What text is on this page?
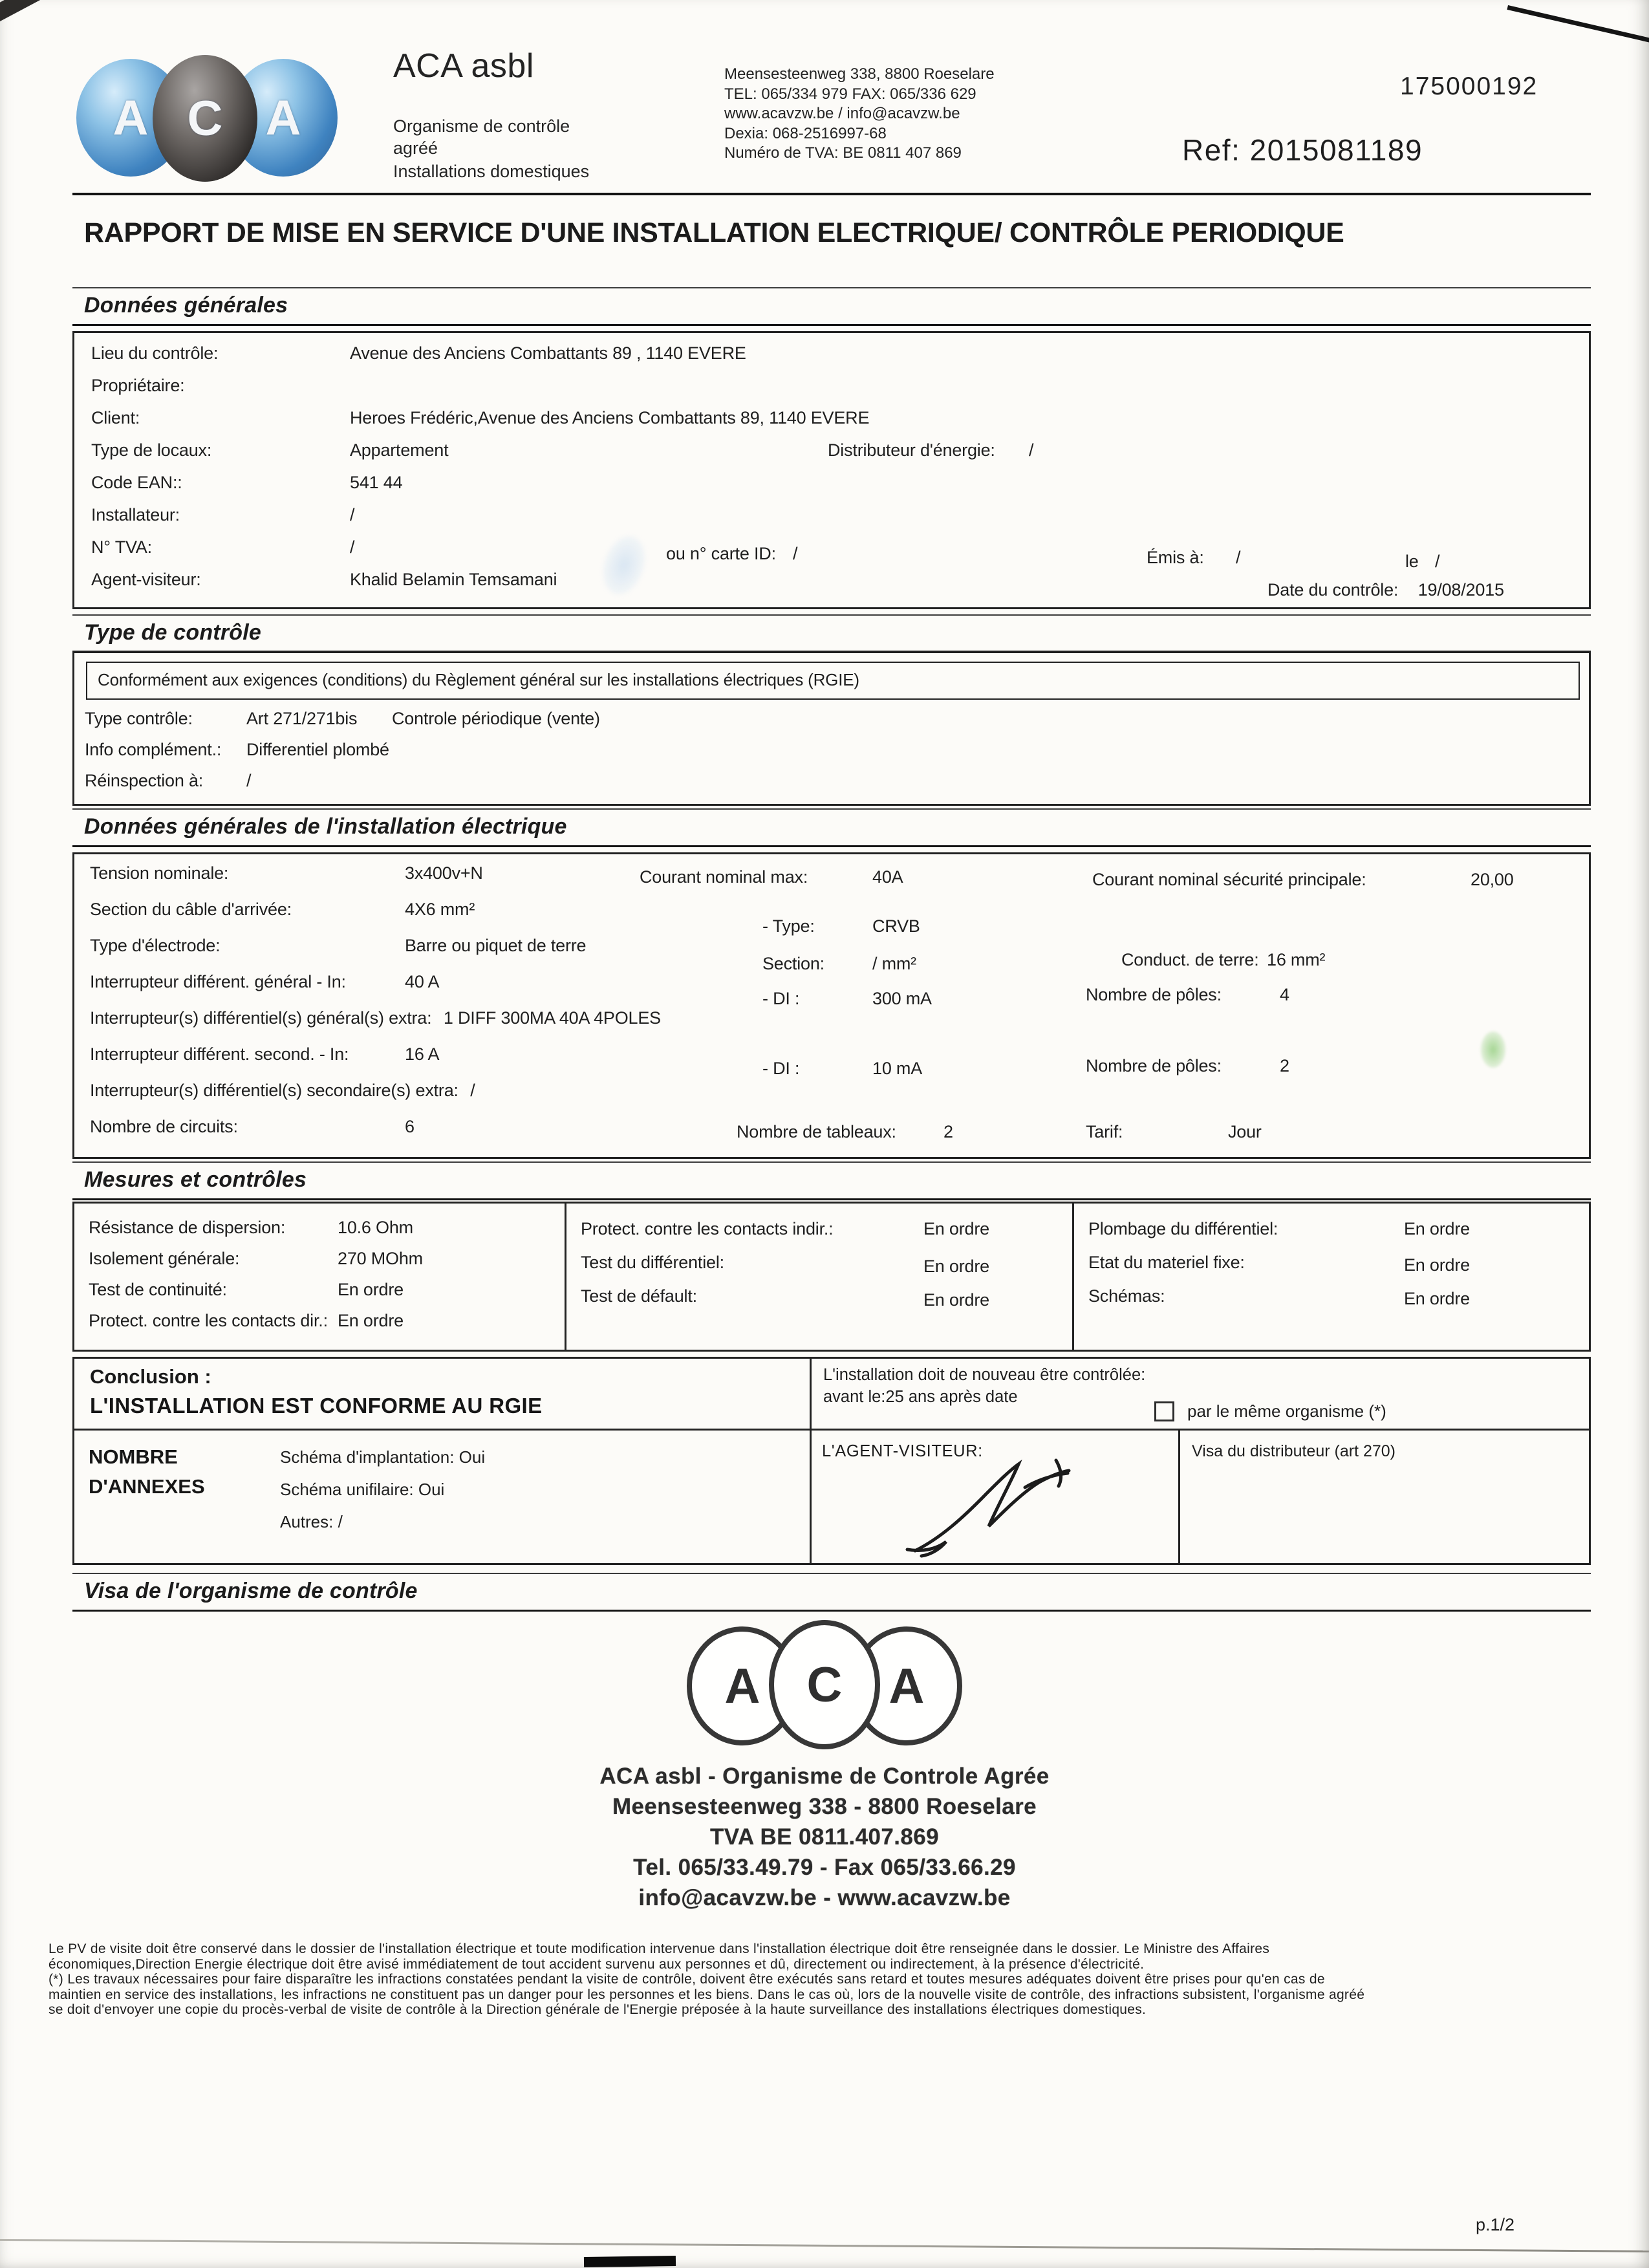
A A
C
ACA asbl
Organisme de contrôle agréé
Installations domestiques
Meensesteenweg 338, 8800 Roeselare
TEL: 065/334 979 FAX: 065/336 629
www.acavzw.be / info@acavzw.be
Dexia: 068-2516997-68
Numéro de TVA: BE 0811 407 869
175000192
Ref: 2015081189
RAPPORT DE MISE EN SERVICE D'UNE INSTALLATION ELECTRIQUE/ CONTRÔLE PERIODIQUE
Données générales
Lieu du contrôle:	Avenue des Anciens Combattants 89 , 1140 EVERE
Propriétaire:
Client:	Heroes Frédéric,Avenue des Anciens Combattants 89, 1140 EVERE
Type de locaux:	Appartement	Distributeur d'énergie: /
Code EAN::	541 44
Installateur:	/
N° TVA:	/	ou n° carte ID: /	Émis à: /	le /
Agent-visiteur:	Khalid Belamin Temsamani
Date du contrôle: 19/08/2015
Type de contrôle
Conformément aux exigences (conditions) du Règlement général sur les installations électriques (RGIE)
Type contrôle:	Art 271/271bis Controle périodique (vente)
Info complément.: Differentiel plombé
Réinspection à: /
Données générales de l'installation électrique
Tension nominale:	3x400v+N	Courant nominal max:	40A	Courant nominal sécurité principale:	20,00
Section du câble d'arrivée:	4X6 mm²
- Type:	CRVB
Type d'électrode:	Barre ou piquet de terre
Section:	/ mm²	Conduct. de terre: 16 mm²
Interrupteur différent. général - In:	40 A
- DI :	300 mA	Nombre de pôles:	4
Interrupteur(s) différentiel(s) général(s) extra: 1 DIFF 300MA 40A 4POLES
Interrupteur différent. second. - In:	16 A
- DI :	10 mA	Nombre de pôles:	2
Interrupteur(s) différentiel(s) secondaire(s) extra: /
Nombre de circuits:	6	Nombre de tableaux:	2	Tarif:	Jour
Mesures et contrôles
Résistance de dispersion:	10.6 Ohm
Isolement générale:	270 MOhm
Test de continuité:	En ordre
Protect. contre les contacts dir.: En ordre
Protect. contre les contacts indir.:	En ordre
Test du différentiel:	En ordre
Test de défault:	En ordre
Plombage du différentiel:	En ordre
Etat du materiel fixe:	En ordre
Schémas:	En ordre
Conclusion :
L'INSTALLATION EST CONFORME AU RGIE
L'installation doit de nouveau être contrôlée:
avant le:25 ans après date
par le même organisme (*)
NOMBRE
D'ANNEXES
Schéma d'implantation: Oui
Schéma unifilaire: Oui
Autres: /
L'AGENT-VISITEUR:	Visa du distributeur (art 270)
Visa de l'organisme de contrôle
A	A
C
ACA asbl - Organisme de Controle Agrée
Meensesteenweg 338 - 8800 Roeselare
TVA BE 0811.407.869
Tel. 065/33.49.79 - Fax 065/33.66.29
info@acavzw.be - www.acavzw.be
Le PV de visite doit être conservé dans le dossier de l'installation électrique et toute modification intervenue dans l'installation électrique doit être renseignée dans le dossier. Le Ministre des Affaires
économiques,Direction Energie électrique doit être avisé immédiatement de tout accident survenu aux personnes et dû, directement ou indirectement, à la présence d'électricité.
(*) Les travaux nécessaires pour faire disparaître les infractions constatées pendant la visite de contrôle, doivent être exécutés sans retard et toutes mesures adéquates doivent être prises pour qu'en cas de
maintien en service des installations, les infractions ne constituent pas un danger pour les personnes et les biens. Dans le cas où, lors de la nouvelle visite de contrôle, des infractions subsistent, l'organisme agréé
se doit d'envoyer une copie du procès-verbal de visite de contrôle à la Direction générale de l'Energie préposée à la haute surveillance des installations électriques domestiques.
p.1/2
